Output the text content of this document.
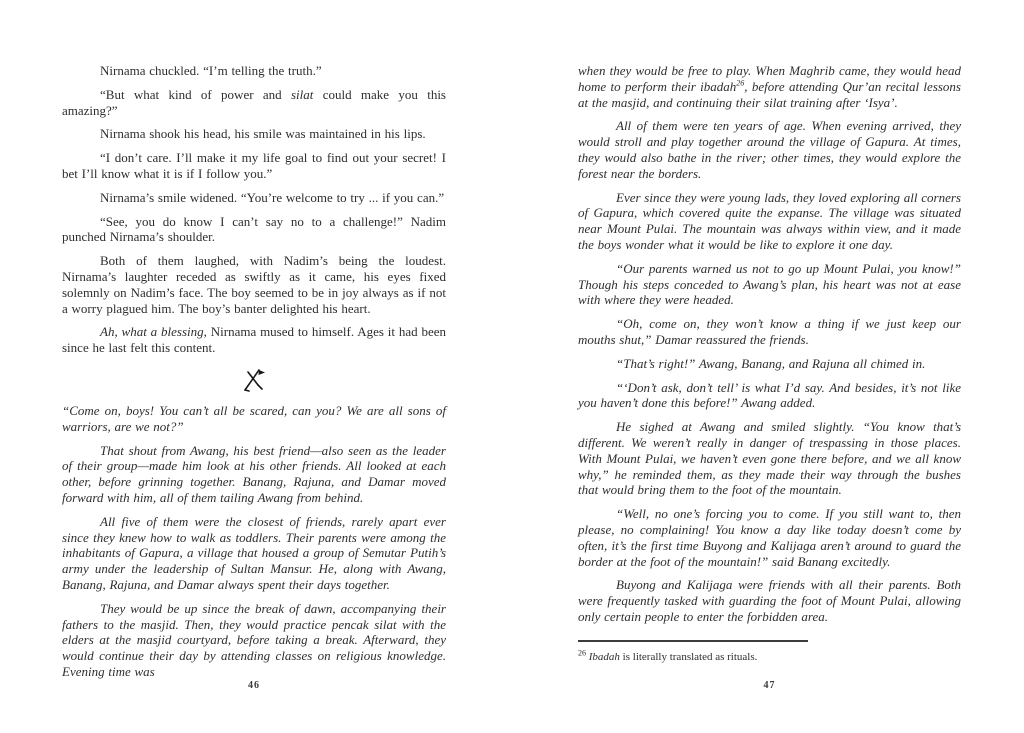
Nirnama chuckled. “I’m telling the truth.”

“But what kind of power and silat could make you this amazing?”

Nirnama shook his head, his smile was maintained in his lips.

“I don’t care. I’ll make it my life goal to find out your secret! I bet I’ll know what it is if I follow you.”

Nirnama’s smile widened. “You’re welcome to try ... if you can.”

“See, you do know I can’t say no to a challenge!” Nadim punched Nirnama’s shoulder.

Both of them laughed, with Nadim’s being the loudest. Nirnama’s laughter receded as swiftly as it came, his eyes fixed solemnly on Nadim’s face. The boy seemed to be in joy always as if not a worry plagued him. The boy’s banter delighted his heart.

Ah, what a blessing, Nirnama mused to himself. Ages it had been since he last felt this content.

“Come on, boys! You can’t all be scared, can you? We are all sons of warriors, are we not?”

That shout from Awang, his best friend—also seen as the leader of their group—made him look at his other friends. All looked at each other, before grinning together. Banang, Rajuna, and Damar moved forward with him, all of them tailing Awang from behind.

All five of them were the closest of friends, rarely apart ever since they knew how to walk as toddlers. Their parents were among the inhabitants of Gapura, a village that housed a group of Semutar Putih’s army under the leadership of Sultan Mansur. He, along with Awang, Banang, Rajuna, and Damar always spent their days together.

They would be up since the break of dawn, accompanying their fathers to the masjid. Then, they would practice pencak silat with the elders at the masjid courtyard, before taking a break. Afterward, they would continue their day by attending classes on religious knowledge. Evening time was

when they would be free to play. When Maghrib came, they would head home to perform their ibadah$^{26}$, before attending Qur’an recital lessons at the masjid, and continuing their silat training after ‘Isya’.

All of them were ten years of age. When evening arrived, they would stroll and play together around the village of Gapura. At times, they would also bathe in the river; other times, they would explore the forest near the borders.

Ever since they were young lads, they loved exploring all corners of Gapura, which covered quite the expanse. The village was situated near Mount Pulai. The mountain was always within view, and it made the boys wonder what it would be like to explore it one day.

“Our parents warned us not to go up Mount Pulai, you know!” Though his steps conceded to Awang’s plan, his heart was not at ease with where they were headed.

“Oh, come on, they won’t know a thing if we just keep our mouths shut,” Damar reassured the friends.

“That’s right!” Awang, Banang, and Rajuna all chimed in.

“‘Don’t ask, don’t tell’ is what I’d say. And besides, it’s not like you haven’t done this before!” Awang added.

He sighed at Awang and smiled slightly. “You know that’s different. We weren’t really in danger of trespassing in those places. With Mount Pulai, we haven’t even gone there before, and we all know why,” he reminded them, as they made their way through the bushes that would bring them to the foot of the mountain.

“Well, no one’s forcing you to come. If you still want to, then please, no complaining! You know a day like today doesn’t come by often, it’s the first time Buyong and Kalijaga aren’t around to guard the border at the foot of the mountain!” said Banang excitedly.

Buyong and Kalijaga were friends with all their parents. Both were frequently tasked with guarding the foot of Mount Pulai, allowing only certain people to enter the forbidden area.

$^{26}$ Ibadah is literally translated as rituals.

46	47
